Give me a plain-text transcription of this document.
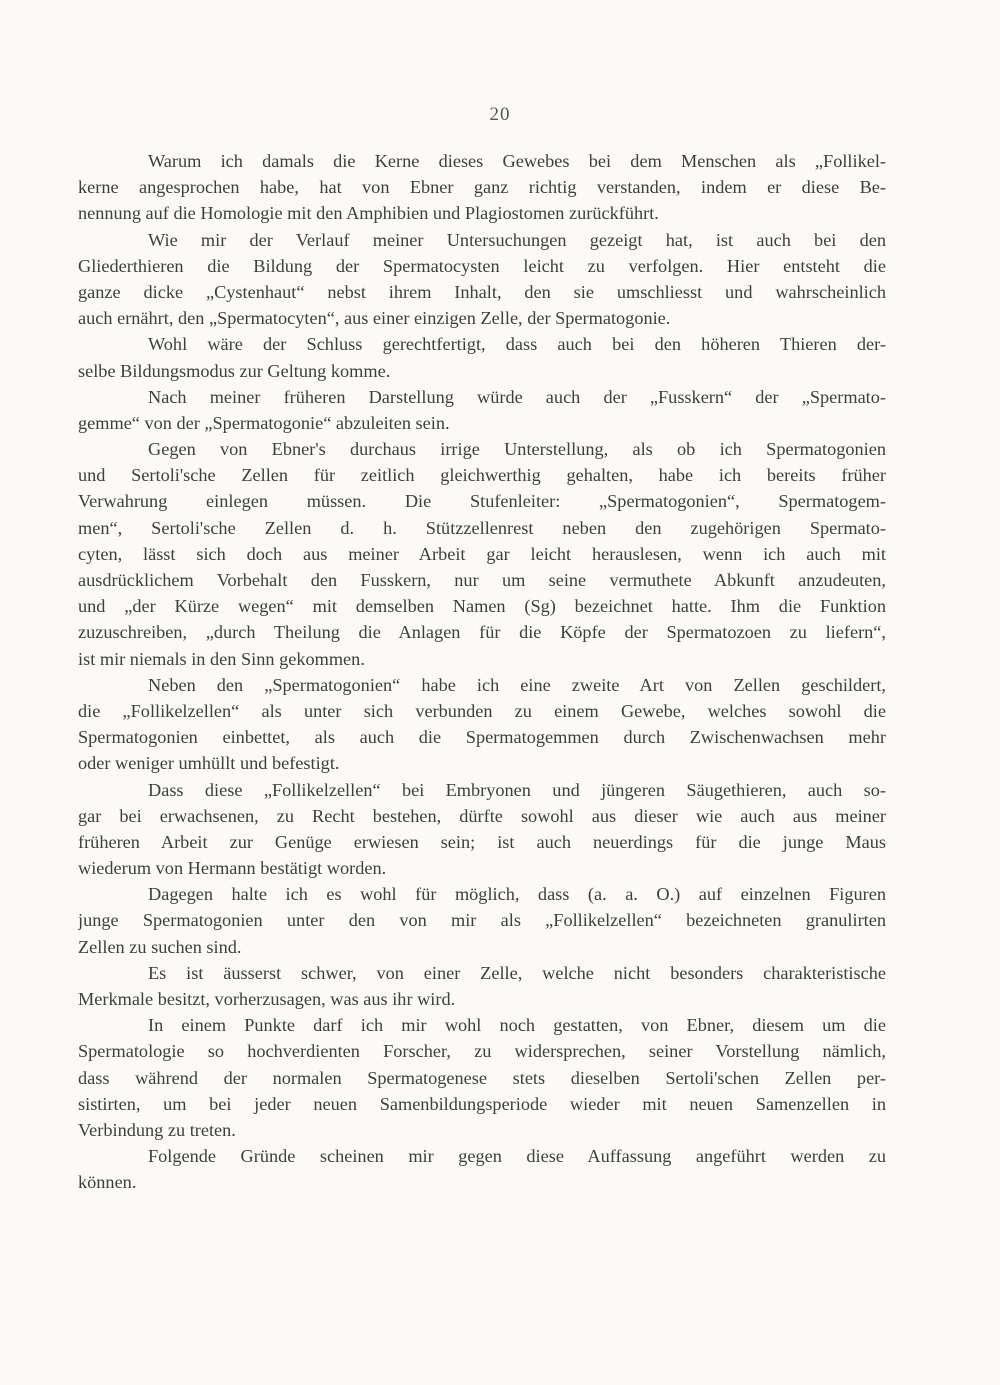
20
Warum ich damals die Kerne dieses Gewebes bei dem Menschen als „Follikel-
kerne angesprochen habe, hat von Ebner ganz richtig verstanden, indem er diese Be-
nennung auf die Homologie mit den Amphibien und Plagiostomen zurückführt.
Wie mir der Verlauf meiner Untersuchungen gezeigt hat, ist auch bei den
Gliederthieren die Bildung der Spermatocysten leicht zu verfolgen. Hier entsteht die
ganze dicke „Cystenhaut“ nebst ihrem Inhalt, den sie umschliesst und wahrscheinlich
auch ernährt, den „Spermatocyten“, aus einer einzigen Zelle, der Spermatogonie.
Wohl wäre der Schluss gerechtfertigt, dass auch bei den höheren Thieren der-
selbe Bildungsmodus zur Geltung komme.
Nach meiner früheren Darstellung würde auch der „Fusskern“ der „Spermato-
gemme“ von der „Spermatogonie“ abzuleiten sein.
Gegen von Ebner's durchaus irrige Unterstellung, als ob ich Spermatogonien
und Sertoli'sche Zellen für zeitlich gleichwerthig gehalten, habe ich bereits früher
Verwahrung einlegen müssen. Die Stufenleiter: „Spermatogonien“, Spermatogem-
men“, Sertoli'sche Zellen d. h. Stützzellenrest neben den zugehörigen Spermato-
cyten, lässt sich doch aus meiner Arbeit gar leicht herauslesen, wenn ich auch mit
ausdrücklichem Vorbehalt den Fusskern, nur um seine vermuthete Abkunft anzudeuten,
und „der Kürze wegen“ mit demselben Namen (Sg) bezeichnet hatte. Ihm die Funktion
zuzuschreiben, „durch Theilung die Anlagen für die Köpfe der Spermatozoen zu liefern“,
ist mir niemals in den Sinn gekommen.
Neben den „Spermatogonien“ habe ich eine zweite Art von Zellen geschildert,
die „Follikelzellen“ als unter sich verbunden zu einem Gewebe, welches sowohl die
Spermatogonien einbettet, als auch die Spermatogemmen durch Zwischenwachsen mehr
oder weniger umhüllt und befestigt.
Dass diese „Follikelzellen“ bei Embryonen und jüngeren Säugethieren, auch so-
gar bei erwachsenen, zu Recht bestehen, dürfte sowohl aus dieser wie auch aus meiner
früheren Arbeit zur Genüge erwiesen sein; ist auch neuerdings für die junge Maus
wiederum von Hermann bestätigt worden.
Dagegen halte ich es wohl für möglich, dass (a. a. O.) auf einzelnen Figuren
junge Spermatogonien unter den von mir als „Follikelzellen“ bezeichneten granulirten
Zellen zu suchen sind.
Es ist äusserst schwer, von einer Zelle, welche nicht besonders charakteristische
Merkmale besitzt, vorherzusagen, was aus ihr wird.
In einem Punkte darf ich mir wohl noch gestatten, von Ebner, diesem um die
Spermatologie so hochverdienten Forscher, zu widersprechen, seiner Vorstellung nämlich,
dass während der normalen Spermatogenese stets dieselben Sertoli'schen Zellen per-
sistirten, um bei jeder neuen Samenbildungsperiode wieder mit neuen Samenzellen in
Verbindung zu treten.
Folgende Gründe scheinen mir gegen diese Auffassung angeführt werden zu
können.
